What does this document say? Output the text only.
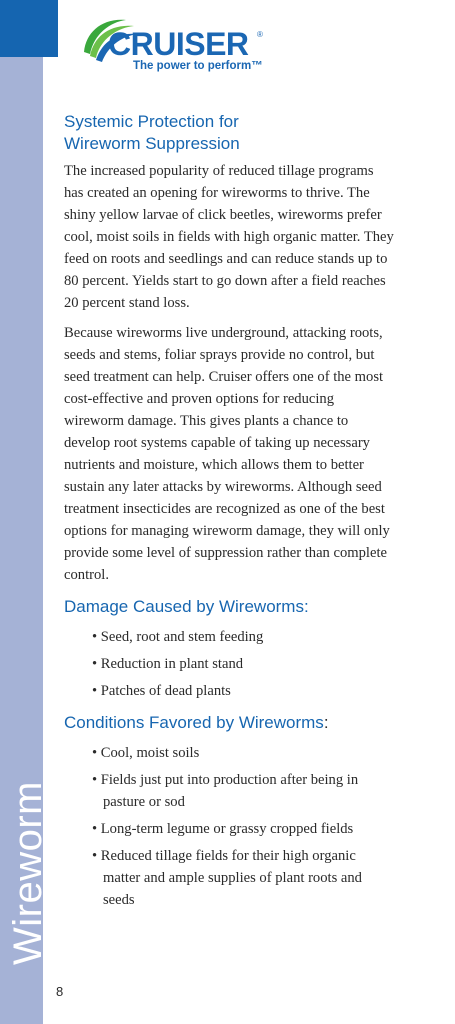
Wireworm
CRUISER ®
The power to perform™
Systemic Protection for
Wireworm Suppression

The increased popularity of reduced tillage programs has created an opening for wireworms to thrive. The shiny yellow larvae of click beetles, wireworms prefer cool, moist soils in fields with high organic matter. They feed on roots and seedlings and can reduce stands up to 80 percent. Yields start to go down after a field reaches 20 percent stand loss.

Because wireworms live underground, attacking roots, seeds and stems, foliar sprays provide no control, but seed treatment can help. Cruiser offers one of the most cost-effective and proven options for reducing wireworm damage. This gives plants a chance to develop root systems capable of taking up necessary nutrients and moisture, which allows them to better sustain any later attacks by wireworms. Although seed treatment insecticides are recognized as one of the best options for managing wireworm damage, they will only provide some level of suppression rather than complete control.

Damage Caused by Wireworms:
• Seed, root and stem feeding
• Reduction in plant stand
• Patches of dead plants
Conditions Favored by Wireworms:
• Cool, moist soils
• Fields just put into production after being in pasture or sod
• Long-term legume or grassy cropped fields
• Reduced tillage fields for their high organic matter and ample supplies of plant roots and seeds
8
